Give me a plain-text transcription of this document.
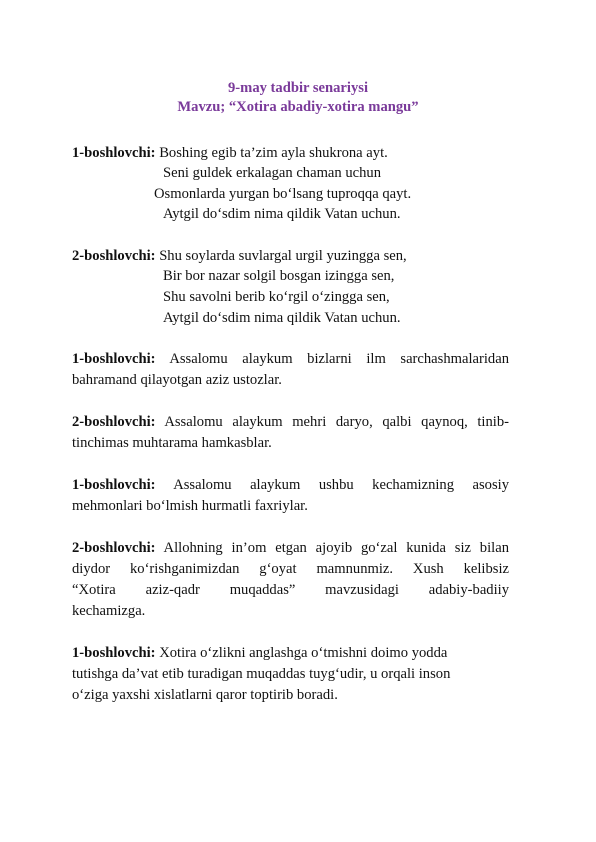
9-may tadbir senariysi
Mavzu; “Xotira abadiy-xotira mangu”
1-boshlovchi: Boshing egib ta’zim ayla shukrona ayt.
Seni guldek erkalagan chaman uchun
Osmonlarda yurgan bo‘lsang tuproqqa qayt.
Aytgil do‘sdim nima qildik Vatan uchun.
2-boshlovchi: Shu soylarda suvlargal urgil yuzingga sen,
Bir bor nazar solgil bosgan izingga sen,
Shu savolni berib ko‘rgil o‘zingga sen,
Aytgil do‘sdim nima qildik Vatan uchun.
1-boshlovchi: Assalomu alaykum bizlarni ilm sarchashmalaridan
bahramand qilayotgan aziz ustozlar.
2-boshlovchi: Assalomu alaykum mehri daryo, qalbi qaynoq, tinib-
tinchimas muhtarama hamkasblar.
1-boshlovchi: Assalomu alaykum ushbu kechamizning asosiy
mehmonlari bo‘lmish hurmatli faxriylar.
2-boshlovchi: Allohning in’om etgan ajoyib go‘zal kunida siz bilan
diydor ko‘rishganimizdan g‘oyat mamnunmiz. Xush kelibsiz
“Xotira aziz-qadr muqaddas” mavzusidagi adabiy-badiiy
kechamizga.
1-boshlovchi: Xotira o‘zlikni anglashga o‘tmishni doimo yodda
tutishga da’vat etib turadigan muqaddas tuyg‘udir, u orqali inson
o‘ziga yaxshi xislatlarni qaror toptirib boradi.
